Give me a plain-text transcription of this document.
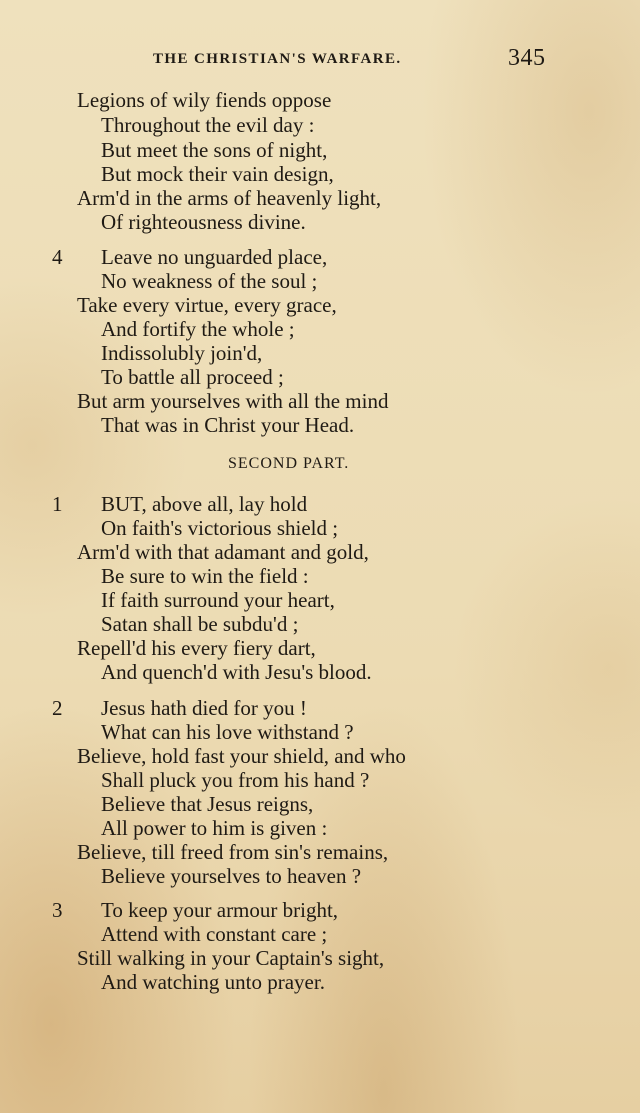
THE CHRISTIAN'S WARFARE.	345
Legions of wily fiends oppose
Throughout the evil day :
But meet the sons of night,
But mock their vain design,
Arm'd in the arms of heavenly light,
Of righteousness divine.
4 Leave no unguarded place,
No weakness of the soul ;
Take every virtue, every grace,
And fortify the whole ;
Indissolubly join'd,
To battle all proceed ;
But arm yourselves with all the mind
That was in Christ your Head.
SECOND PART.
1 BUT, above all, lay hold
On faith's victorious shield ;
Arm'd with that adamant and gold,
Be sure to win the field :
If faith surround your heart,
Satan shall be subdu'd ;
Repell'd his every fiery dart,
And quench'd with Jesu's blood.
2 Jesus hath died for you !
What can his love withstand ?
Believe, hold fast your shield, and who
Shall pluck you from his hand ?
Believe that Jesus reigns,
All power to him is given :
Believe, till freed from sin's remains,
Believe yourselves to heaven ?
3 To keep your armour bright,
Attend with constant care ;
Still walking in your Captain's sight,
And watching unto prayer.
